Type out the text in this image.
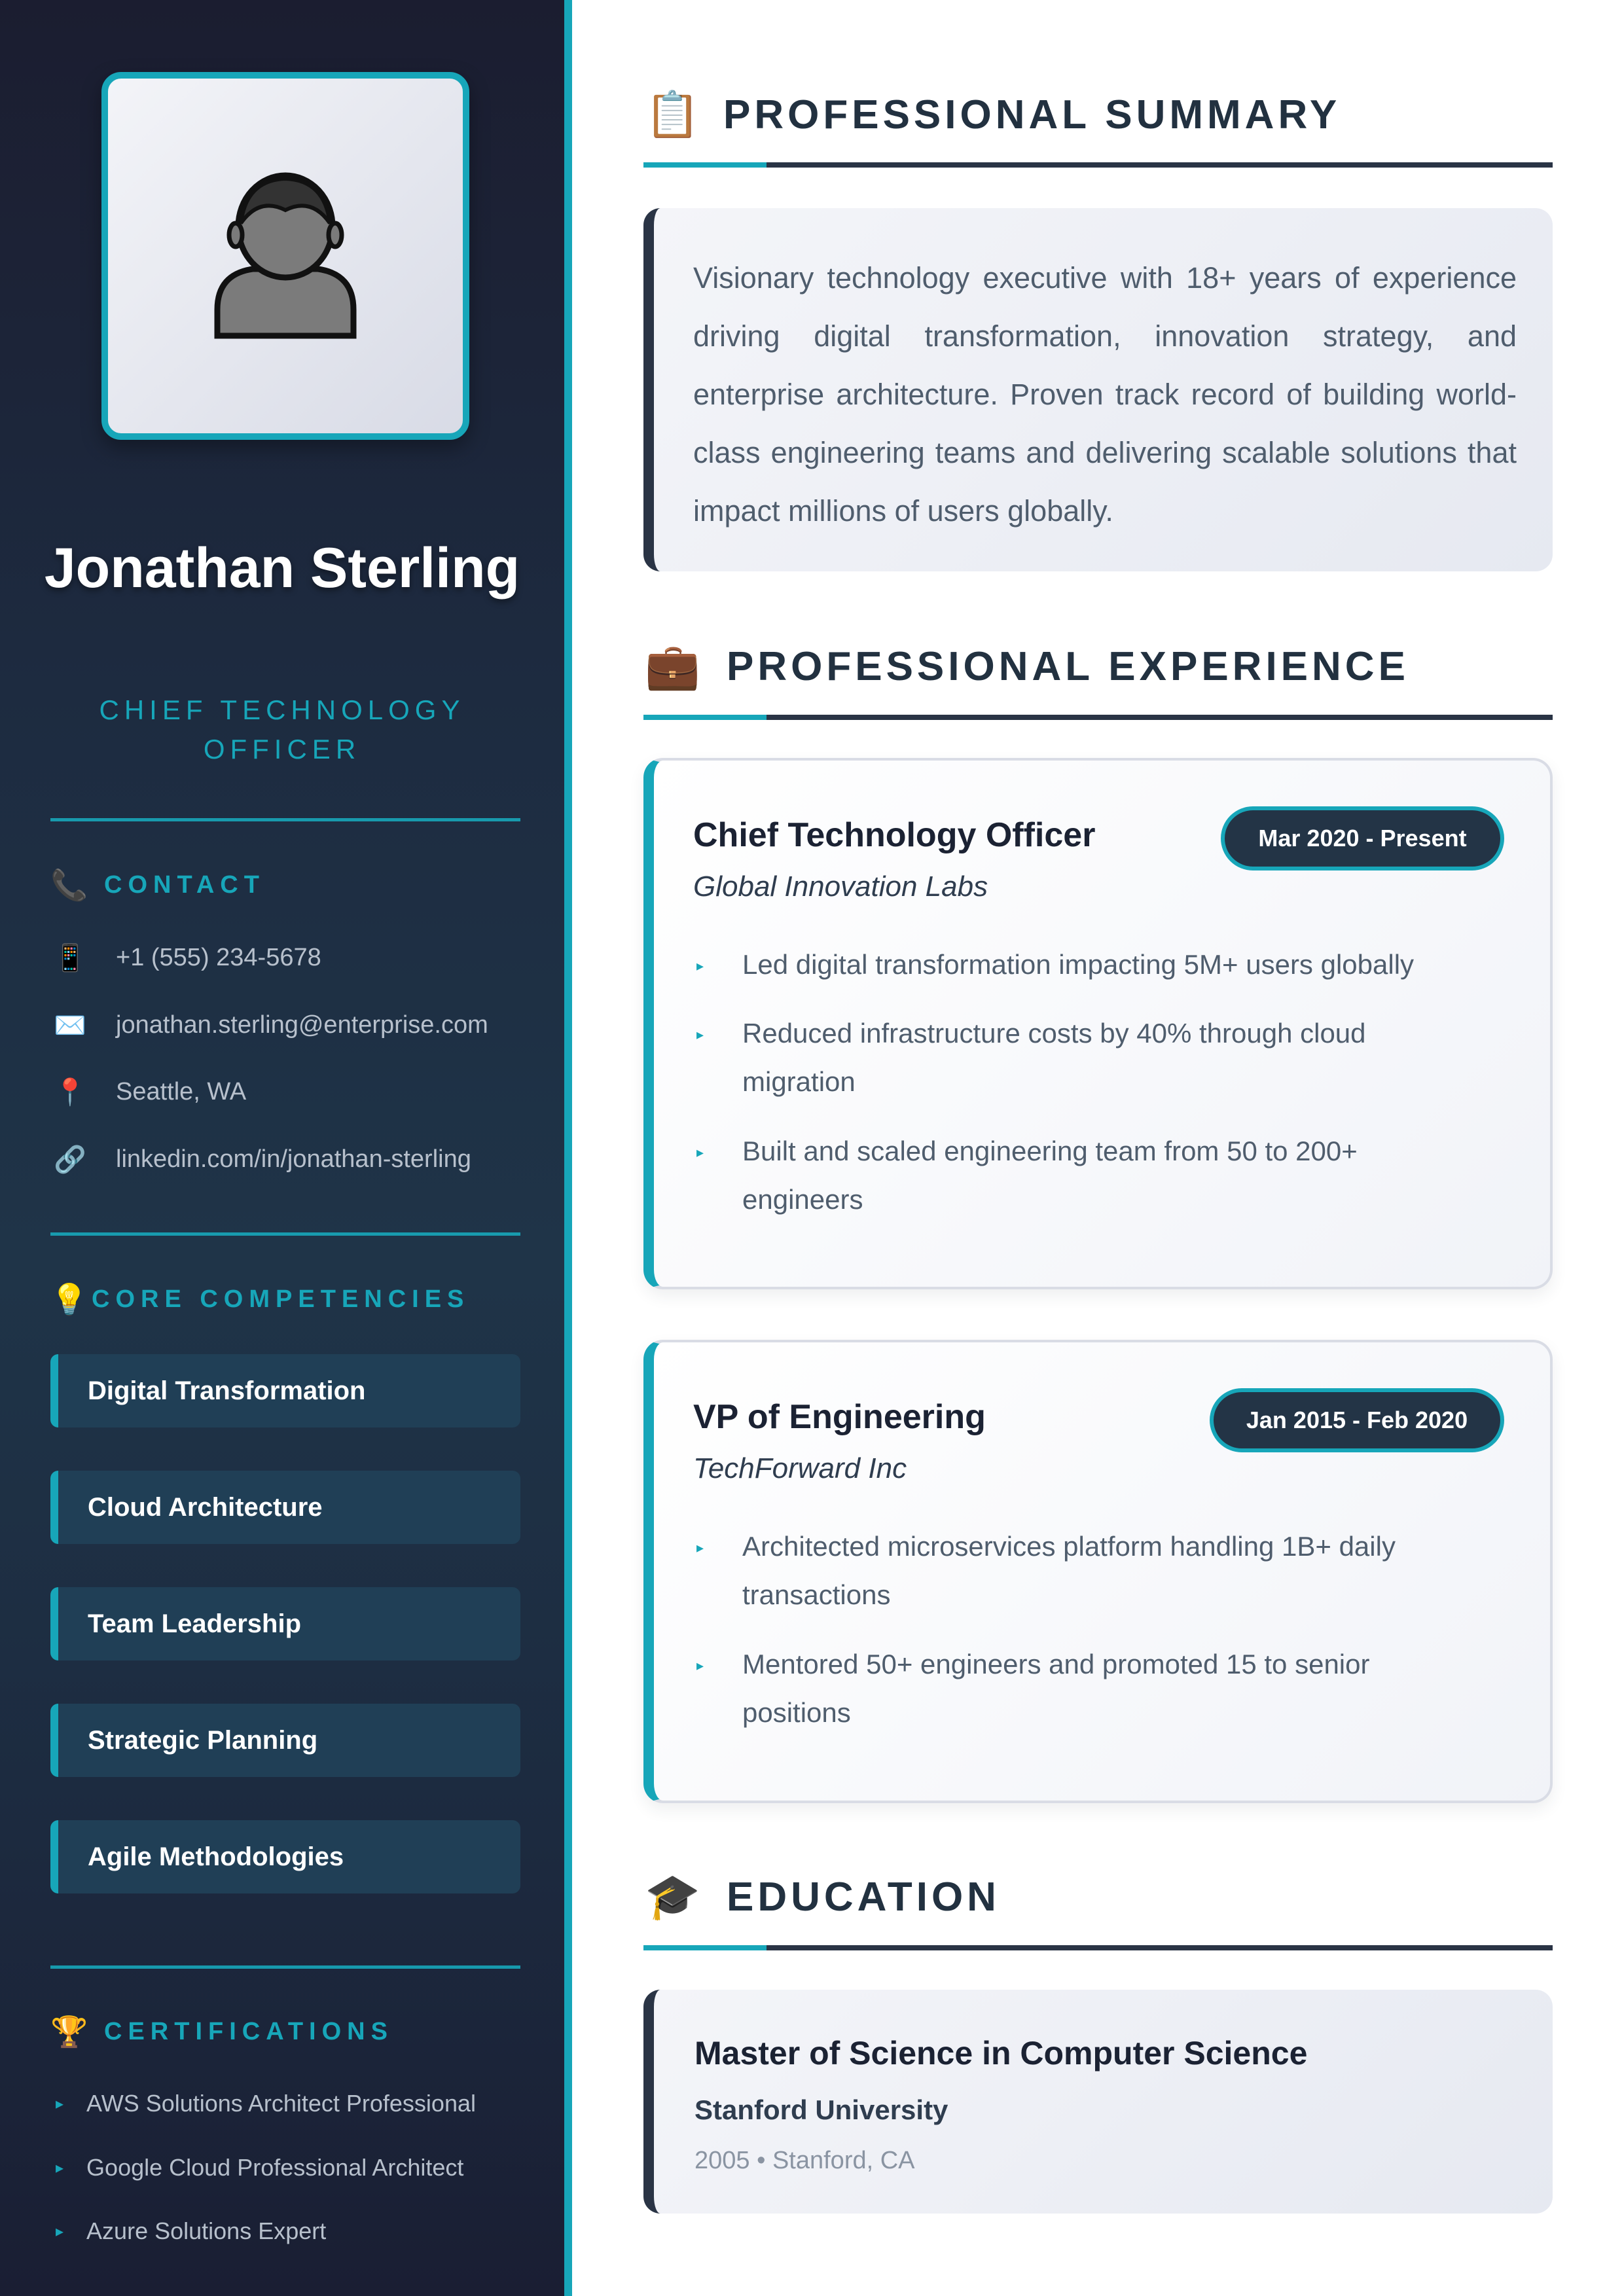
Jonathan Sterling
CHIEF TECHNOLOGY OFFICER
📞 CONTACT
📱 +1 (555) 234-5678
✉️ jonathan.sterling@enterprise.com
📍 Seattle, WA
🔗 linkedin.com/in/jonathan-sterling
💡
CORE COMPETENCIES
Digital Transformation
Cloud Architecture
Team Leadership
Strategic Planning
Agile Methodologies
🏆 CERTIFICATIONS
▸ AWS Solutions Architect Professional
▸ Google Cloud Professional Architect
▸ Azure Solutions Expert
📋 PROFESSIONAL SUMMARY
Visionary technology executive with 18+ years of experience driving digital transformation, innovation strategy, and enterprise architecture. Proven track record of building world-class engineering teams and delivering scalable solutions that impact millions of users globally.
💼 PROFESSIONAL EXPERIENCE
Chief Technology Officer
Global Innovation Labs
Mar 2020 - Present
▸	Led digital transformation impacting 5M+ users globally
▸	Reduced infrastructure costs by 40% through cloud migration
▸	Built and scaled engineering team from 50 to 200+ engineers
VP of Engineering
TechForward Inc
Jan 2015 - Feb 2020
▸	Architected microservices platform handling 1B+ daily transactions
▸	Mentored 50+ engineers and promoted 15 to senior positions
🎓 EDUCATION
Master of Science in Computer Science
Stanford University
2005 • Stanford, CA
